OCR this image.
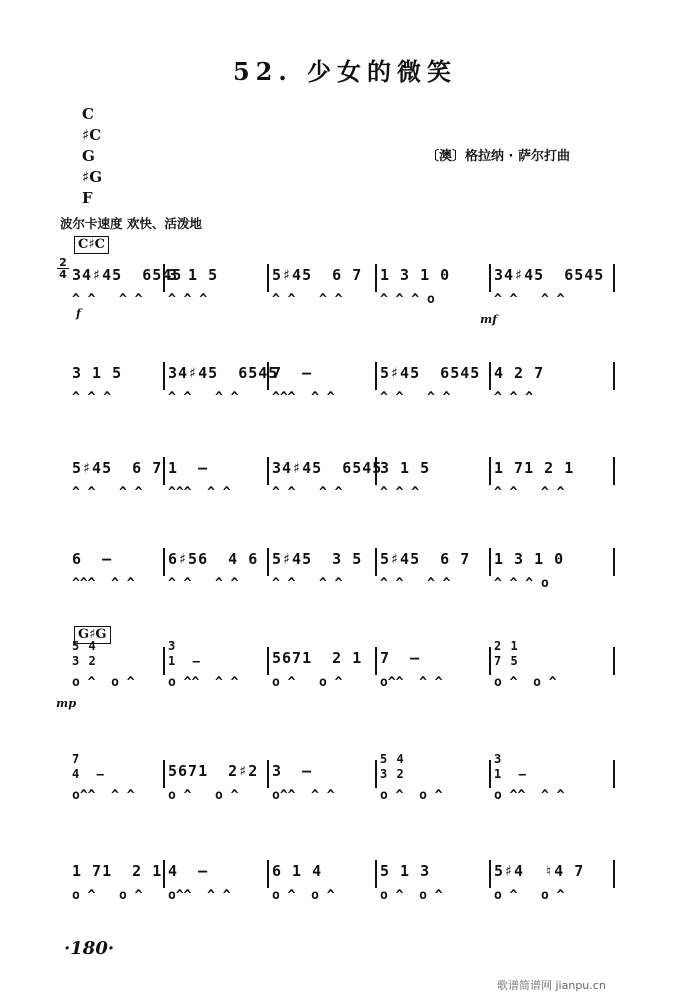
52. 少女的微笑
C
♯C
G
♯G
F
〔澳〕格拉纳 · 萨尔打曲
波尔卡速度 欢快、活泼地
C♯C
2
4
f	mf
34♯45  6545
^ ^   ^ ^
3 1 5
^ ^ ^
5♯45  6 7
^ ^   ^ ^
1 3 1 0
^ ^ ^ o
34♯45  6545
^ ^   ^ ^
3 1 5
^ ^ ^
34♯45  6545
^ ^   ^ ^
7  –
^^^  ^ ^
5♯45  6545
^ ^   ^ ^
4 2 7
^ ^ ^
5♯45  6 7
^ ^   ^ ^
1  –
^^^  ^ ^
34♯45  6545
^ ^   ^ ^
3 1 5
^ ^ ^
1 71 2 1
^ ^   ^ ^
6  –
^^^  ^ ^
6♯56  4 6
^ ^   ^ ^
5♯45  3 5
^ ^   ^ ^
5♯45  6 7
^ ^   ^ ^
1 3 1 0
^ ^ ^ o
5 4
3 2
o ^  o ^
3
1  –
o ^^  ^ ^
5671  2 1
o ^   o ^
7  –
o^^  ^ ^
2 1
7 5
o ^  o ^
7
4  –
o^^  ^ ^
5671  2♯2
o ^   o ^
3  –
o^^  ^ ^
5 4
3 2
o ^  o ^
3
1  –
o ^^  ^ ^
1 71  2 1
o ^   o ^
4  –
o^^  ^ ^
6 1 4
o ^  o ^
5 1 3
o ^  o ^
5♯4  ♮4 7
o ^   o ^
G♯G
mp
·180·
歌谱简谱网 jianpu.cn
